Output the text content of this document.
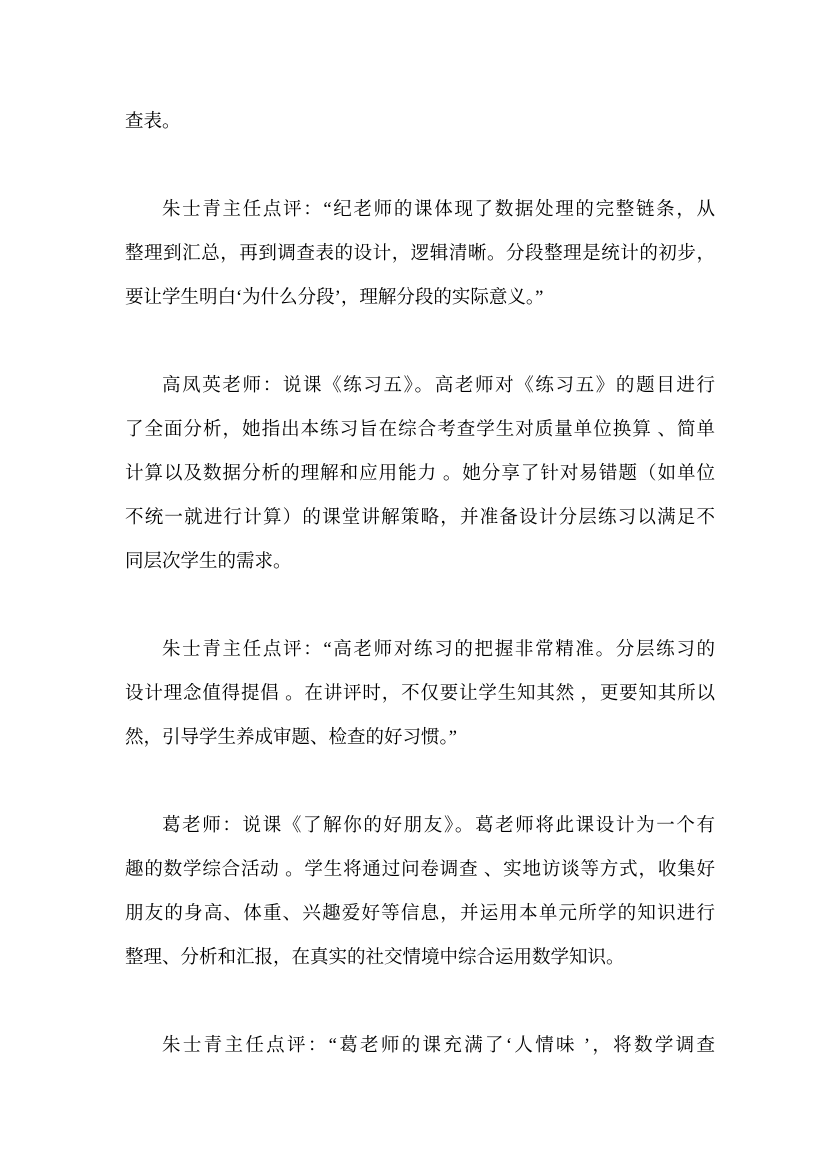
查表。
朱士青主任点评：“纪老师的课体现了数据处理的完整链条，从
整理到汇总，再到调查表的设计，逻辑清晰。分段整理是统计的初步，
要让学生明白‘为什么分段’，理解分段的实际意义。”
高凤英老师：说课《练习五》。高老师对《练习五》的题目进行
了全面分析，她指出本练习旨在综合考查学生对质量单位换算 、简单
计算以及数据分析的理解和应用能力 。她分享了针对易错题（如单位
不统一就进行计算）的课堂讲解策略，并准备设计分层练习以满足不
同层次学生的需求。
朱士青主任点评：“高老师对练习的把握非常精准。分层练习的
设计理念值得提倡 。在讲评时，不仅要让学生知其然 ，更要知其所以
然，引导学生养成审题、检查的好习惯。”
葛老师：说课《了解你的好朋友》。葛老师将此课设计为一个有
趣的数学综合活动 。学生将通过问卷调查 、实地访谈等方式，收集好
朋友的身高、体重、兴趣爱好等信息，并运用本单元所学的知识进行
整理、分析和汇报，在真实的社交情境中综合运用数学知识。
朱士青主任点评：“葛老师的课充满了‘人情味 ’，将数学调查
